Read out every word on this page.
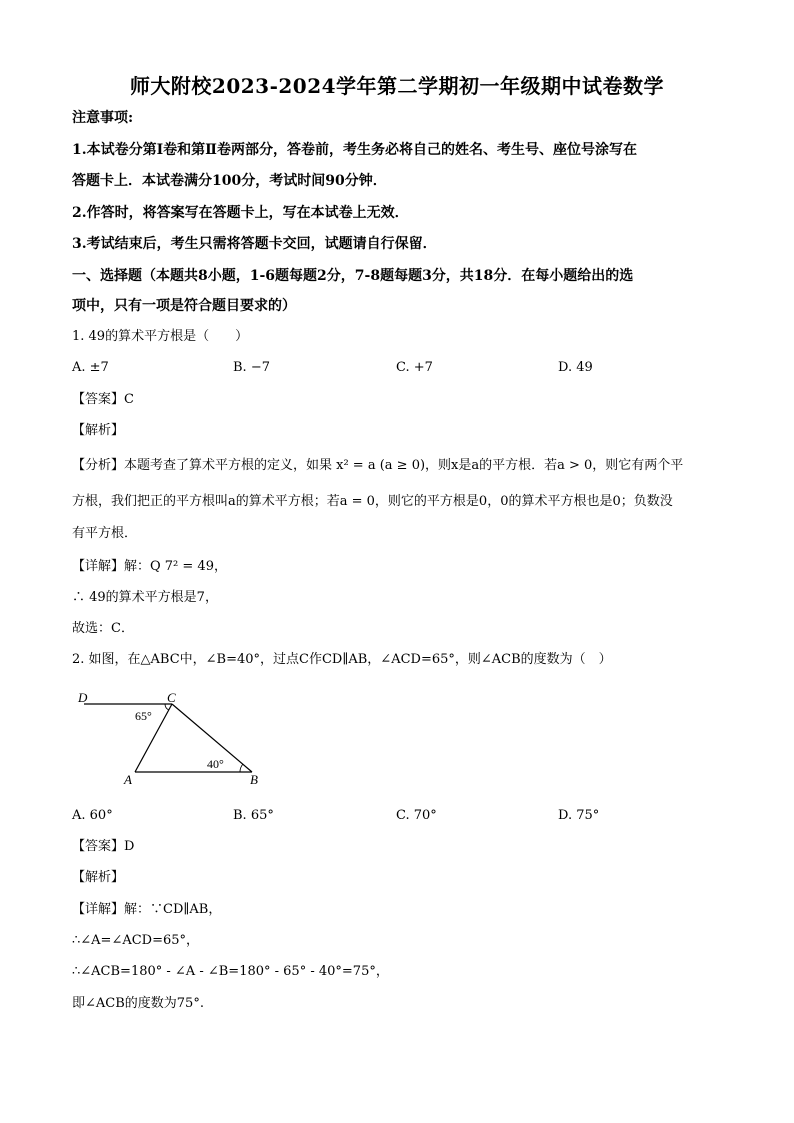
师大附校2023-2024学年第二学期初一年级期中试卷数学
注意事项:
1.本试卷分第Ⅰ卷和第Ⅱ卷两部分，答卷前，考生务必将自己的姓名、考生号、座位号涂写在
答题卡上．本试卷满分100分，考试时间90分钟．
2.作答时，将答案写在答题卡上，写在本试卷上无效．
3.考试结束后，考生只需将答题卡交回，试题请自行保留．
一、选择题（本题共8小题，1-6题每题2分，7-8题每题3分，共18分．在每小题给出的选
项中，只有一项是符合题目要求的）
1. 49的算术平方根是（　　）
A. ±7	B. −7	C. +7	D. 49
【答案】C
【解析】
【分析】本题考查了算术平方根的定义，如果 x² = a (a ≥ 0)，则x是a的平方根．若a > 0，则它有两个平
方根，我们把正的平方根叫a的算术平方根；若a = 0，则它的平方根是0，0的算术平方根也是0；负数没
有平方根．
【详解】解：Q 7² = 49，
∴ 49的算术平方根是7，
故选：C．
2. 如图，在△ABC中，∠B=40°，过点C作CD∥AB，∠ACD=65°，则∠ACB的度数为（　）
D	C
65°
A
40°
B
A. 60°	B. 65°	C. 70°	D. 75°
【答案】D
【解析】
【详解】解：∵CD∥AB，
∴∠A=∠ACD=65°，
∴∠ACB=180° - ∠A - ∠B=180° - 65° - 40°=75°，
即∠ACB的度数为75°.
